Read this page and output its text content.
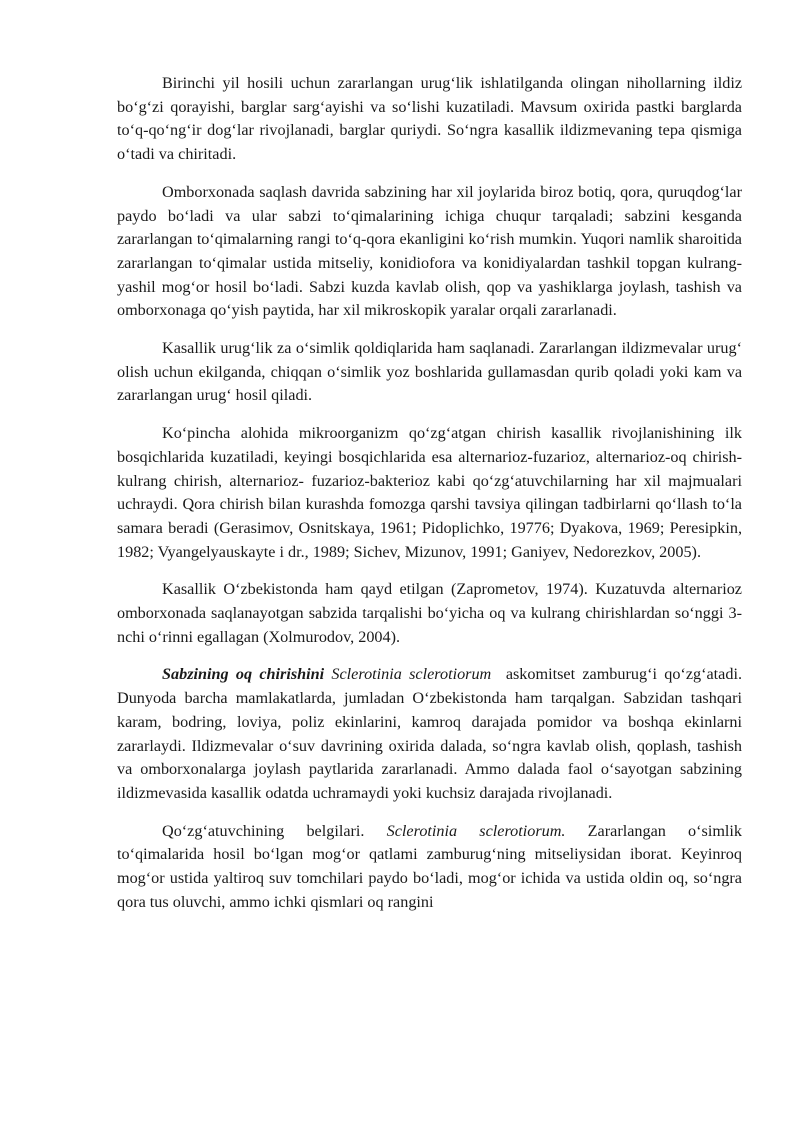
Birinchi yil hosili uchun zararlangan urug‘lik ishlatilganda olingan nihollarning ildiz bo‘g‘zi qorayishi, barglar sarg‘ayishi va so‘lishi kuzatiladi. Mavsum oxirida pastki barglarda to‘q-qo‘ng‘ir dog‘lar rivojlanadi, barglar quriydi. So‘ngra kasallik ildizmevaning tepa qismiga o‘tadi va chiritadi.

Omborxonada saqlash davrida sabzining har xil joylarida biroz botiq, qora, quruqdog‘lar paydo bo‘ladi va ular sabzi to‘qimalarining ichiga chuqur tarqaladi; sabzini kesganda zararlangan to‘qimalarning rangi to‘q-qora ekanligini ko‘rish mumkin. Yuqori namlik sharoitida zararlangan to‘qimalar ustida mitseliy, konidiofora va konidiyalardan tashkil topgan kulrang-yashil mog‘or hosil bo‘ladi. Sabzi kuzda kavlab olish, qop va yashiklarga joylash, tashish va omborxonaga qo‘yish paytida, har xil mikroskopik yaralar orqali zararlanadi.

Kasallik urug‘lik za o‘simlik qoldiqlarida ham saqlanadi. Zararlangan ildizmevalar urug‘ olish uchun ekilganda, chiqqan o‘simlik yoz boshlarida gullamasdan qurib qoladi yoki kam va zararlangan urug‘ hosil qiladi.

Ko‘pincha alohida mikroorganizm qo‘zg‘atgan chirish kasallik rivojlanishining ilk bosqichlarida kuzatiladi, keyingi bosqichlarida esa alternarioz-fuzarioz, alternarioz-oq chirish-kulrang chirish, alternarioz- fuzarioz-bakterioz kabi qo‘zg‘atuvchilarning har xil majmualari uchraydi. Qora chirish bilan kurashda fomozga qarshi tavsiya qilingan tadbirlarni qo‘llash to‘la samara beradi (Gerasimov, Osnitskaya, 1961; Pidoplichko, 19776; Dyakova, 1969; Peresipkin, 1982; Vyangelyauskayte i dr., 1989; Sichev, Mizunov, 1991; Ganiyev, Nedorezkov, 2005).

Kasallik O‘zbekistonda ham qayd etilgan (Zaprometov, 1974). Kuzatuvda alternarioz omborxonada saqlanayotgan sabzida tarqalishi bo‘yicha oq va kulrang chirishlardan so‘nggi 3-nchi o‘rinni egallagan (Xolmurodov, 2004).

Sabzining oq chirishini Sclerotinia sclerotiorum askomitset zamburug‘i qo‘zg‘atadi. Dunyoda barcha mamlakatlarda, jumladan O‘zbekistonda ham tarqalgan. Sabzidan tashqari karam, bodring, loviya, poliz ekinlarini, kamroq darajada pomidor va boshqa ekinlarni zararlaydi. Ildizmevalar o‘suv davrining oxirida dalada, so‘ngra kavlab olish, qoplash, tashish va omborxonalarga joylash paytlarida zararlanadi. Ammo dalada faol o‘sayotgan sabzining ildizmevasida kasallik odatda uchramaydi yoki kuchsiz darajada rivojlanadi.

Qo‘zg‘atuvchining belgilari. Sclerotinia sclerotiorum. Zararlangan o‘simlik to‘qimalarida hosil bo‘lgan mog‘or qatlami zamburug‘ning mitseliysidan iborat. Keyinroq mog‘or ustida yaltiroq suv tomchilari paydo bo‘ladi, mog‘or ichida va ustida oldin oq, so‘ngra qora tus oluvchi, ammo ichki qismlari oq rangini
